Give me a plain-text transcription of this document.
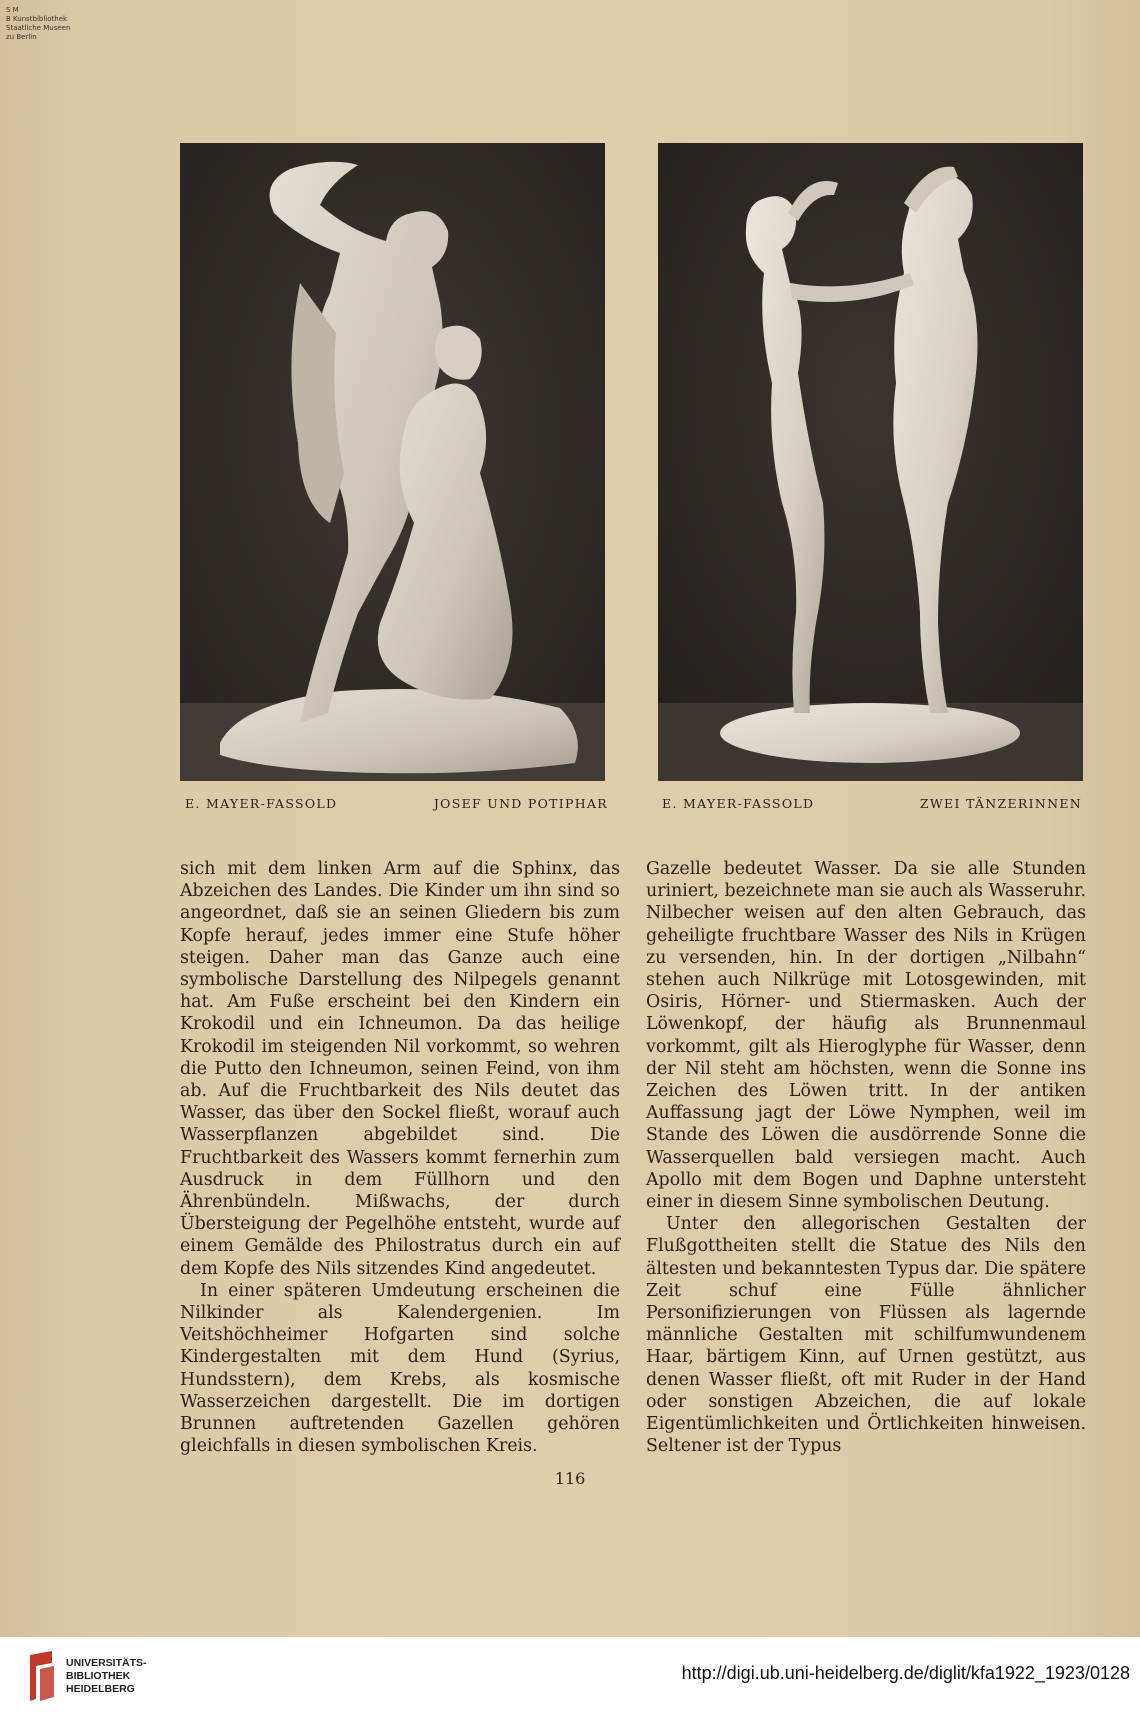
S M
B Kunstbibliothek
Staatliche Museen
zu Berlin
E. MAYER-FASSOLD	JOSEF UND POTIPHAR	E. MAYER-FASSOLD	ZWEI TÄNZERINNEN

sich mit dem linken Arm auf die Sphinx, das Abzeichen des Landes. Die Kinder um ihn sind so angeordnet, daß sie an seinen Gliedern bis zum Kopfe herauf, jedes immer eine Stufe höher steigen. Daher man das Ganze auch eine symbolische Darstellung des Nilpegels genannt hat. Am Fuße erscheint bei den Kindern ein Krokodil und ein Ichneumon. Da das heilige Krokodil im steigenden Nil vorkommt, so wehren die Putto den Ichneumon, seinen Feind, von ihm ab. Auf die Fruchtbarkeit des Nils deutet das Wasser, das über den Sockel fließt, worauf auch Wasserpflanzen abgebildet sind. Die Fruchtbarkeit des Wassers kommt fernerhin zum Ausdruck in dem Füllhorn und den Ährenbündeln. Mißwachs, der durch Übersteigung der Pegelhöhe entsteht, wurde auf einem Gemälde des Philostratus durch ein auf dem Kopfe des Nils sitzendes Kind angedeutet.

In einer späteren Umdeutung erscheinen die Nilkinder als Kalendergenien. Im Veitshöchheimer Hofgarten sind solche Kindergestalten mit dem Hund (Syrius, Hundsstern), dem Krebs, als kosmische Wasserzeichen dargestellt. Die im dortigen Brunnen auftretenden Gazellen gehören gleichfalls in diesen symbolischen Kreis.

Gazelle bedeutet Wasser. Da sie alle Stunden uriniert, bezeichnete man sie auch als Wasseruhr. Nilbecher weisen auf den alten Gebrauch, das geheiligte fruchtbare Wasser des Nils in Krügen zu versenden, hin. In der dortigen „Nilbahn“ stehen auch Nilkrüge mit Lotosgewinden, mit Osiris, Hörner- und Stiermasken. Auch der Löwenkopf, der häufig als Brunnenmaul vorkommt, gilt als Hieroglyphe für Wasser, denn der Nil steht am höchsten, wenn die Sonne ins Zeichen des Löwen tritt. In der antiken Auffassung jagt der Löwe Nymphen, weil im Stande des Löwen die ausdörrende Sonne die Wasserquellen bald versiegen macht. Auch Apollo mit dem Bogen und Daphne untersteht einer in diesem Sinne symbolischen Deutung.

Unter den allegorischen Gestalten der Flußgottheiten stellt die Statue des Nils den ältesten und bekanntesten Typus dar. Die spätere Zeit schuf eine Fülle ähnlicher Personifizierungen von Flüssen als lagernde männliche Gestalten mit schilfumwundenem Haar, bärtigem Kinn, auf Urnen gestützt, aus denen Wasser fließt, oft mit Ruder in der Hand oder sonstigen Abzeichen, die auf lokale Eigentümlichkeiten und Örtlichkeiten hinweisen. Seltener ist der Typus

116
UNIVERSITÄTS-
BIBLIOTHEK
HEIDELBERG
http://digi.ub.uni-heidelberg.de/diglit/kfa1922_1923/0128
